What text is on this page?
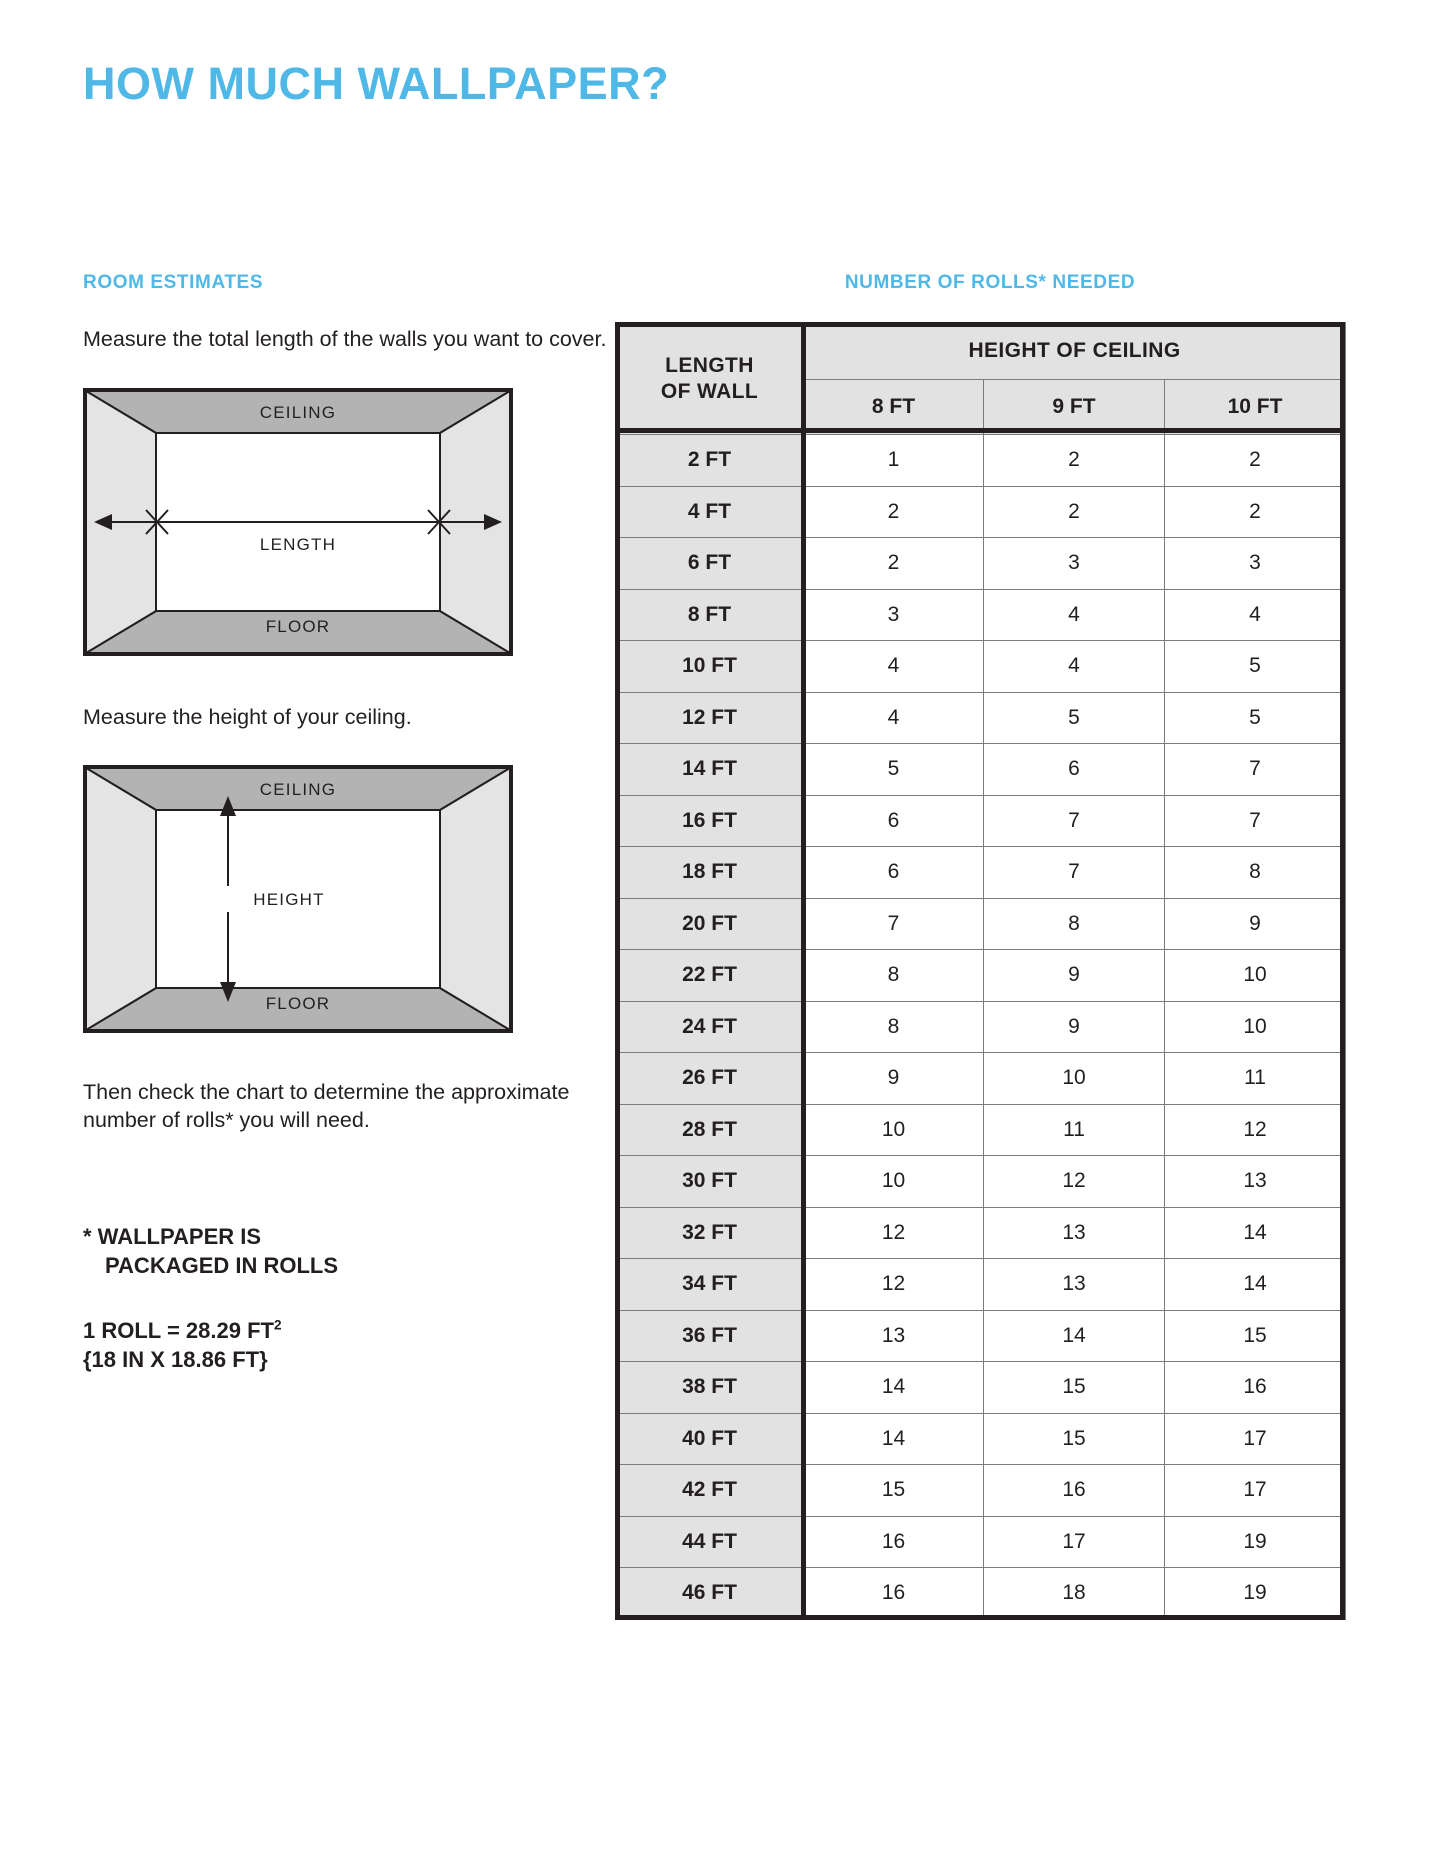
HOW MUCH WALLPAPER?
ROOM ESTIMATES

Measure the total length of the walls you want to cover.

CEILING
FLOOR
LENGTH

Measure the height of your ceiling.

CEILING
FLOOR
HEIGHT

Then check the chart to determine the approximate number of rolls* you will need.

* WALLPAPER IS

PACKAGED IN ROLLS

1 ROLL = 28.29 $FT^2$

{18 IN X 18.86 FT}

NUMBER OF ROLLS* NEEDED
LENGTH
OF WALL	HEIGHT OF CEILING		
	8 FT	9 FT	10 FT
2 FT	1	2	2
4 FT	2	2	2
6 FT	2	3	3
8 FT	3	4	4
10 FT	4	4	5
12 FT	4	5	5
14 FT	5	6	7
16 FT	6	7	7
18 FT	6	7	8
20 FT	7	8	9
22 FT	8	9	10
24 FT	8	9	10
26 FT	9	10	11
28 FT	10	11	12
30 FT	10	12	13
32 FT	12	13	14
34 FT	12	13	14
36 FT	13	14	15
38 FT	14	15	16
40 FT	14	15	17
42 FT	15	16	17
44 FT	16	17	19
46 FT	16	18	19
